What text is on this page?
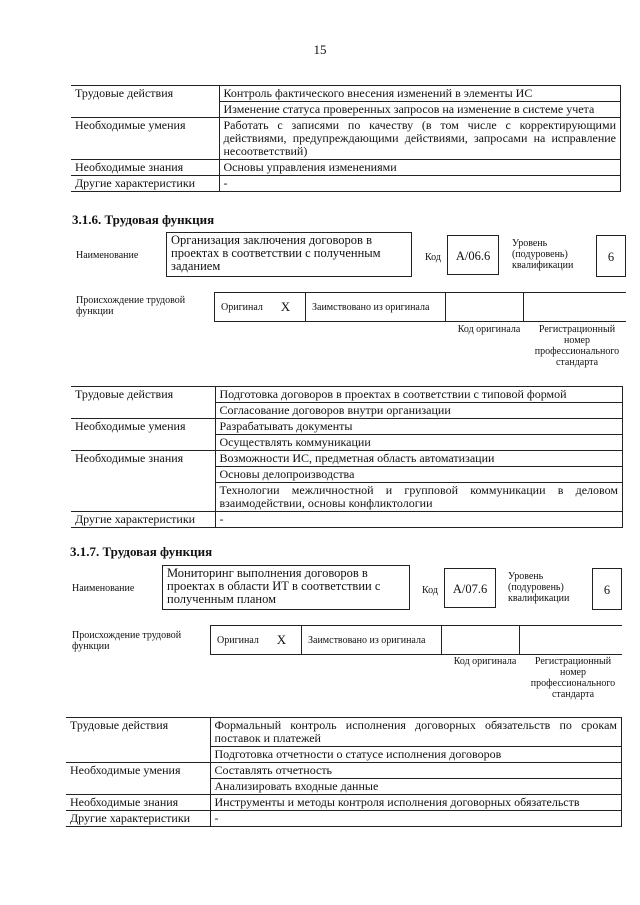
15
Трудовые действия	Контроль фактического внесения изменений в элементы ИС
	Изменение статуса проверенных запросов на изменение в системе учета
Необходимые умения	Работать с записями по качеству (в том числе с корректирующими действиями, предупреждающими действиями, запросами на исправление несоответствий)
Необходимые знания	Основы управления изменениями
Другие характеристики	-
3.1.6. Трудовая функция
Наименование
Организация заключения договоров в проектах в соответствии с полученным заданием
Код	A/06.6
Уровень (подуровень) квалификации
6
Происхождение трудовой функции	Оригинал	X	Заимствовано из оригинала
Код оригинала	Регистрационный номер профессионального стандарта
Трудовые действия	Подготовка договоров в проектах в соответствии с типовой формой
	Согласование договоров внутри организации
Необходимые умения	Разрабатывать документы
	Осуществлять коммуникации
Необходимые знания	Возможности ИС, предметная область автоматизации
	Основы делопроизводства
	Технологии межличностной и групповой коммуникации в деловом взаимодействии, основы конфликтологии
Другие характеристики	-
3.1.7. Трудовая функция
Наименование
Мониторинг выполнения договоров в проектах в области ИТ в соответствии с полученным планом
Код	A/07.6
Уровень (подуровень) квалификации
6
Происхождение трудовой функции
Оригинал	X	Заимствовано из оригинала
Код оригинала	Регистрационный номер профессионального стандарта
Трудовые действия	Формальный контроль исполнения договорных обязательств по срокам поставок и платежей
	Подготовка отчетности о статусе исполнения договоров
Необходимые умения	Составлять отчетность
	Анализировать входные данные
Необходимые знания	Инструменты и методы контроля исполнения договорных обязательств
Другие характеристики	-
